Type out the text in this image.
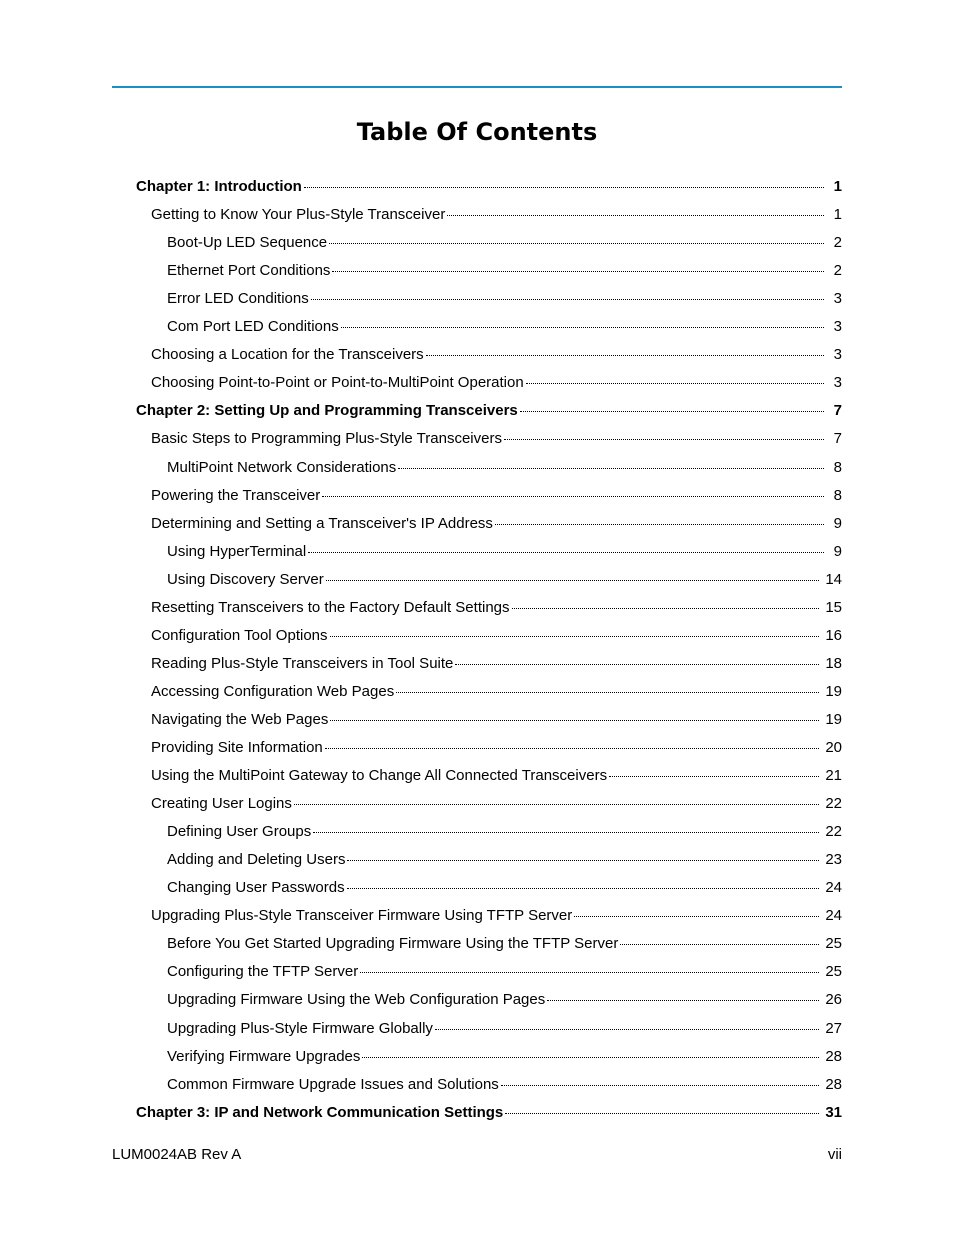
Table Of Contents
Chapter 1: Introduction	1
Getting to Know Your Plus-Style Transceiver	1
Boot-Up LED Sequence	2
Ethernet Port Conditions	2
Error LED Conditions	3
Com Port LED Conditions	3
Choosing a Location for the Transceivers	3
Choosing Point-to-Point or Point-to-MultiPoint Operation	3
Chapter 2: Setting Up and Programming Transceivers	7
Basic Steps to Programming Plus-Style Transceivers	7
MultiPoint Network Considerations	8
Powering the Transceiver	8
Determining and Setting a Transceiver's IP Address	9
Using HyperTerminal	9
Using Discovery Server	14
Resetting Transceivers to the Factory Default Settings	15
Configuration Tool Options	16
Reading Plus-Style Transceivers in Tool Suite	18
Accessing Configuration Web Pages	19
Navigating the Web Pages	19
Providing Site Information	20
Using the MultiPoint Gateway to Change All Connected Transceivers	21
Creating User Logins	22
Defining User Groups	22
Adding and Deleting Users	23
Changing User Passwords	24
Upgrading Plus-Style Transceiver Firmware Using TFTP Server	24
Before You Get Started Upgrading Firmware Using the TFTP Server	25
Configuring the TFTP Server	25
Upgrading Firmware Using the Web Configuration Pages	26
Upgrading Plus-Style Firmware Globally	27
Verifying Firmware Upgrades	28
Common Firmware Upgrade Issues and Solutions	28
Chapter 3: IP and Network Communication Settings	31
LUM0024AB Rev A	vii
